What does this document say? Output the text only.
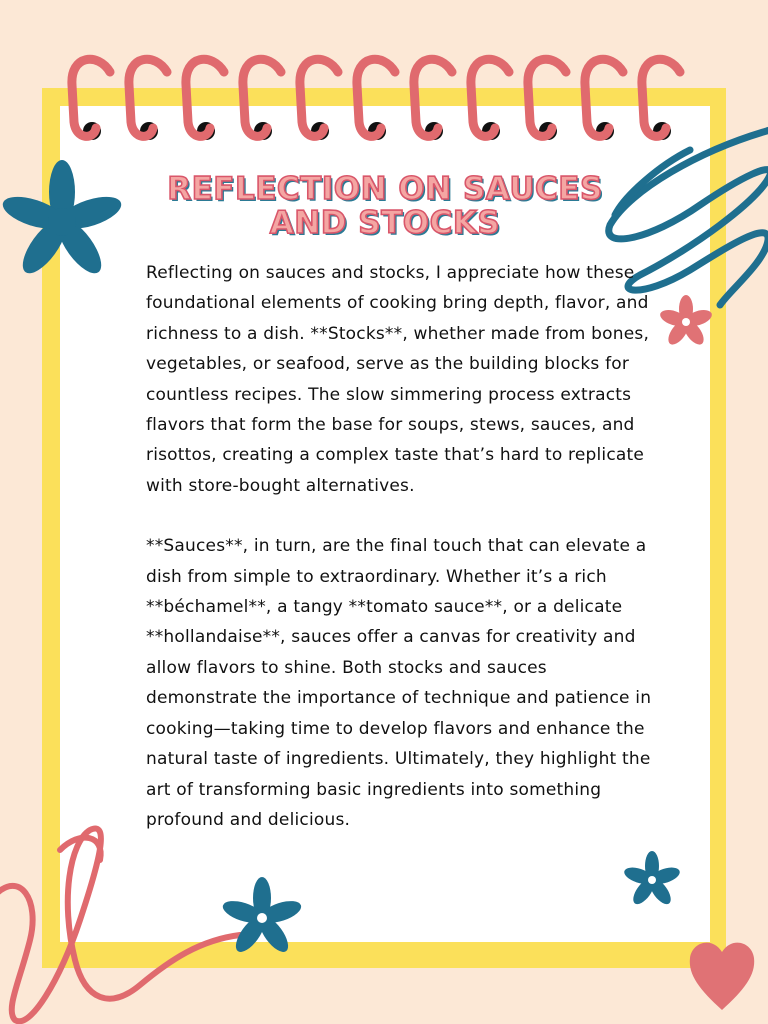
REFLECTION ON SAUCES AND STOCKS

Reflecting on sauces and stocks, I appreciate how these foundational elements of cooking bring depth, flavor, and richness to a dish. **Stocks**, whether made from bones, vegetables, or seafood, serve as the building blocks for countless recipes. The slow simmering process extracts flavors that form the base for soups, stews, sauces, and risottos, creating a complex taste that’s hard to replicate with store-bought alternatives.

**Sauces**, in turn, are the final touch that can elevate a dish from simple to extraordinary. Whether it’s a rich **béchamel**, a tangy **tomato sauce**, or a delicate **hollandaise**, sauces offer a canvas for creativity and allow flavors to shine. Both stocks and sauces demonstrate the importance of technique and patience in cooking—taking time to develop flavors and enhance the natural taste of ingredients. Ultimately, they highlight the art of transforming basic ingredients into something profound and delicious.
